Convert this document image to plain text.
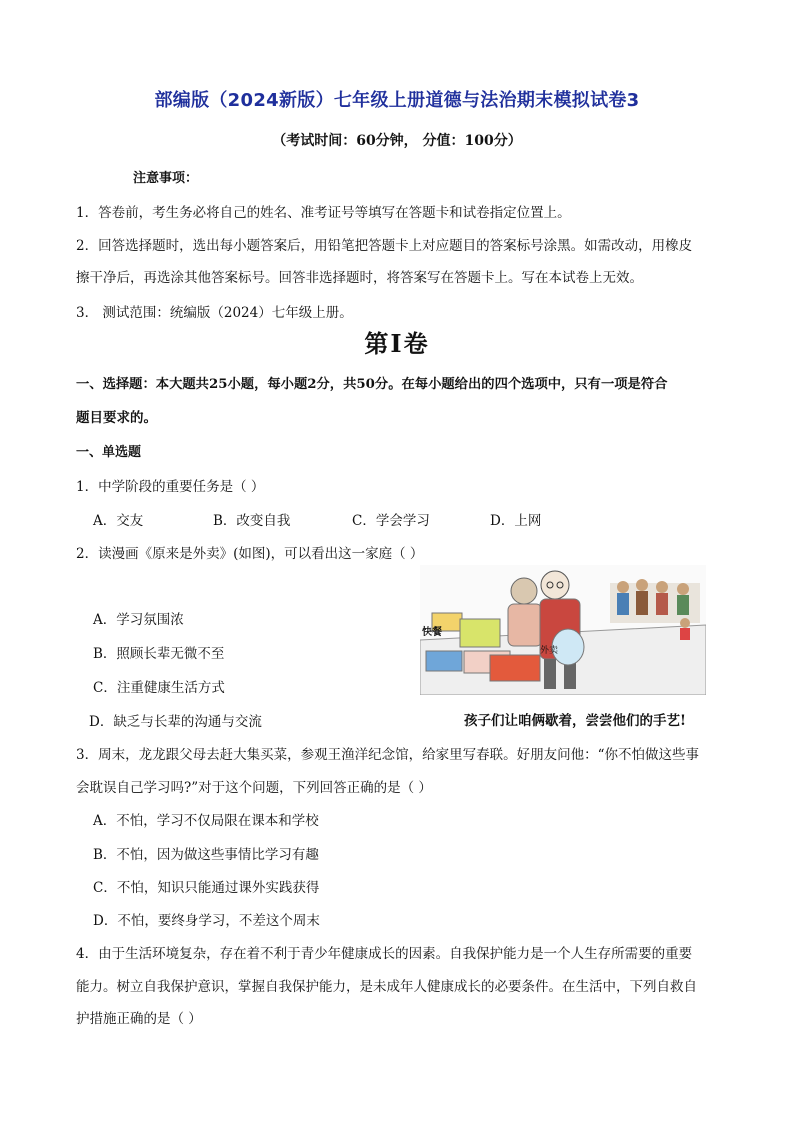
部编版（2024新版）七年级上册道德与法治期末模拟试卷3
（考试时间：60分钟， 分值：100分）
注意事项：
1．答卷前，考生务必将自己的姓名、准考证号等填写在答题卡和试卷指定位置上。
2．回答选择题时，选出每小题答案后，用铅笔把答题卡上对应题目的答案标号涂黑。如需改动，用橡皮
擦干净后，再选涂其他答案标号。回答非选择题时，将答案写在答题卡上。写在本试卷上无效。
3． 测试范围：统编版（2024）七年级上册。
第I卷
一、选择题：本大题共25小题，每小题2分，共50分。在每小题给出的四个选项中，只有一项是符合
题目要求的。
一、单选题
1．中学阶段的重要任务是（ ）
A．交友	B．改变自我	C．学会学习	D．上网
2．读漫画《原来是外卖》(如图)，可以看出这一家庭（ ）
A．学习氛围浓
B．照顾长辈无微不至
C．注重健康生活方式
D．缺乏与长辈的沟通与交流
快餐
外卖
孩子们让咱俩歇着，尝尝他们的手艺!
3．周末，龙龙跟父母去赶大集买菜，参观王渔洋纪念馆，给家里写春联。好朋友问他：“你不怕做这些事
会耽误自己学习吗?”对于这个问题，下列回答正确的是（ ）
A．不怕，学习不仅局限在课本和学校
B．不怕，因为做这些事情比学习有趣
C．不怕，知识只能通过课外实践获得
D．不怕，要终身学习，不差这个周末
4．由于生活环境复杂，存在着不利于青少年健康成长的因素。自我保护能力是一个人生存所需要的重要
能力。树立自我保护意识，掌握自我保护能力，是未成年人健康成长的必要条件。在生活中，下列自救自
护措施正确的是（ ）
